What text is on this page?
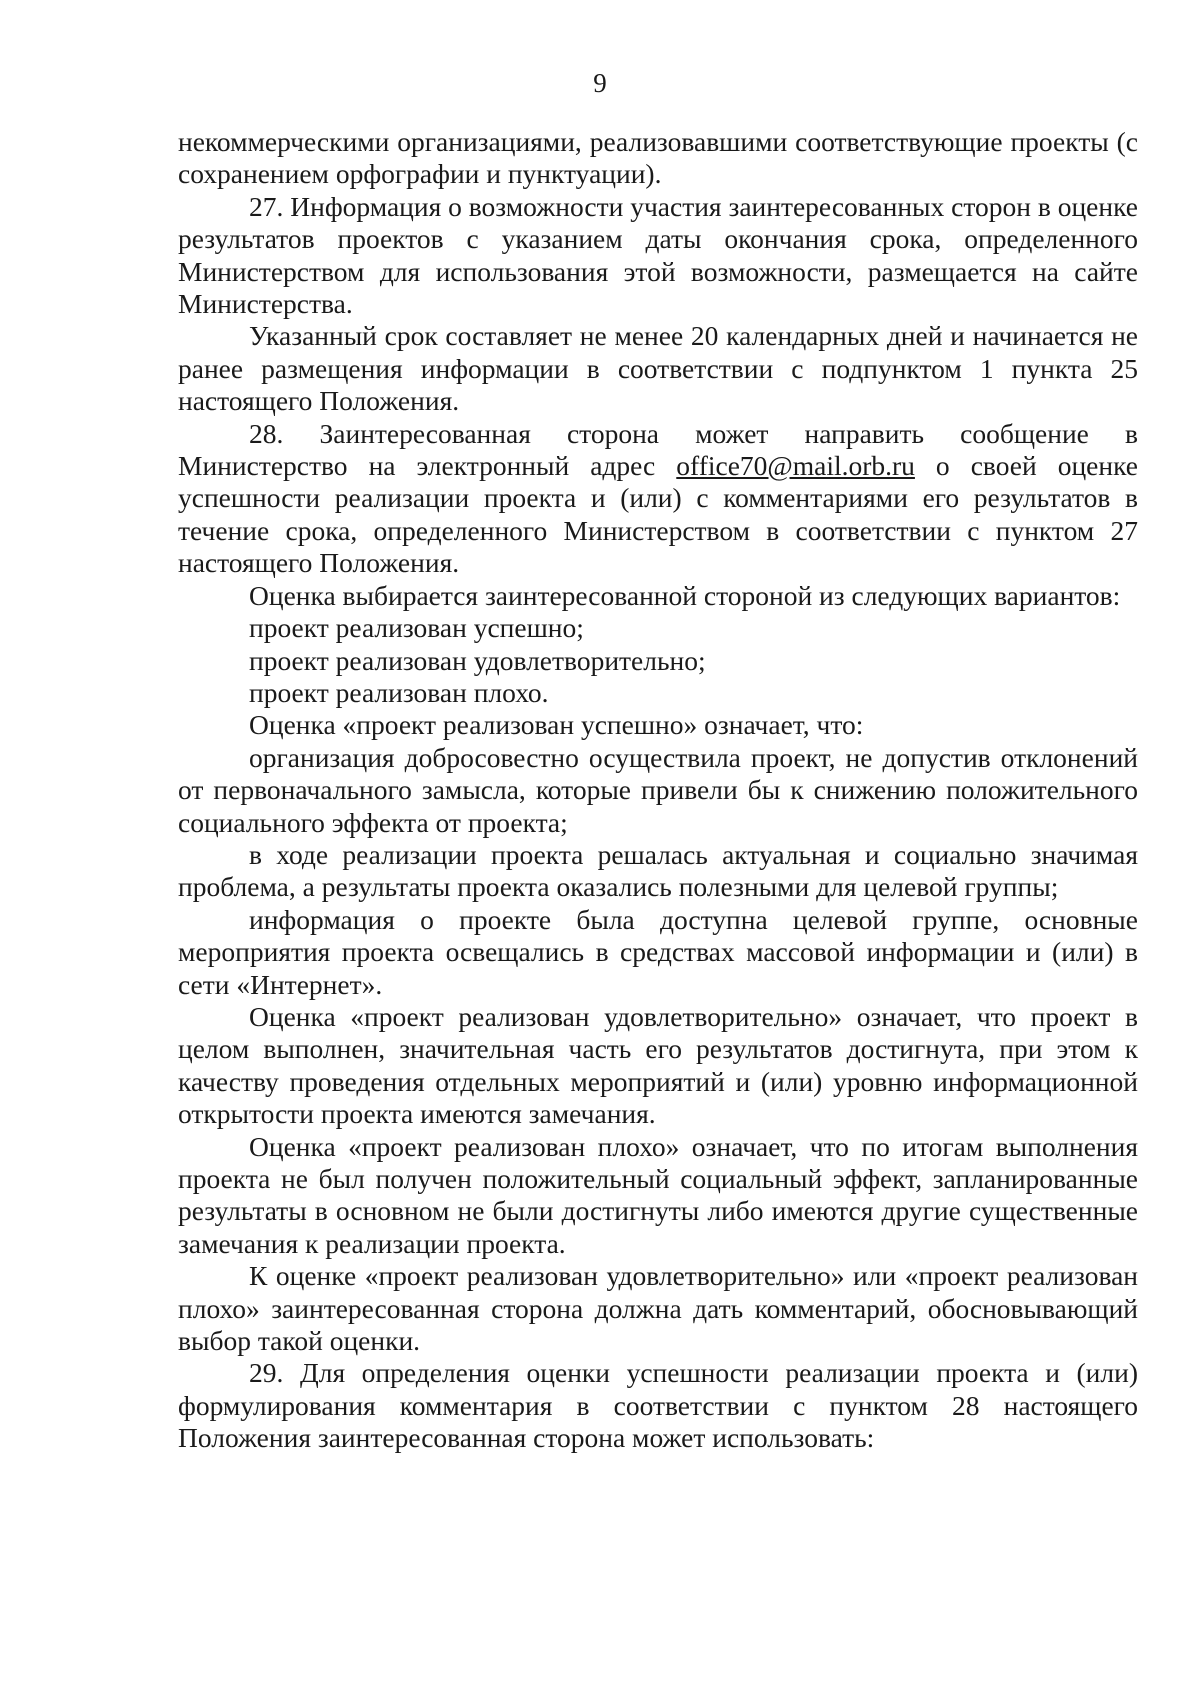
9

некоммерческими организациями, реализовавшими соответствующие проекты (с сохранением орфографии и пунктуации).

27. Информация о возможности участия заинтересованных сторон в оценке результатов проектов с указанием даты окончания срока, определенного Министерством для использования этой возможности, размещается на сайте Министерства.

Указанный срок составляет не менее 20 календарных дней и начинается не ранее размещения информации в соответствии с подпунктом 1 пункта 25 настоящего Положения.

28. Заинтересованная сторона может направить сообщение в Министерство на электронный адрес office70@mail.orb.ru о своей оценке успешности реализации проекта и (или) с комментариями его результатов в течение срока, определенного Министерством в соответствии с пунктом 27 настоящего Положения.

Оценка выбирается заинтересованной стороной из следующих вариантов:

проект реализован успешно;

проект реализован удовлетворительно;

проект реализован плохо.

Оценка «проект реализован успешно» означает, что:

организация добросовестно осуществила проект, не допустив отклонений от первоначального замысла, которые привели бы к снижению положительного социального эффекта от проекта;

в ходе реализации проекта решалась актуальная и социально значимая проблема, а результаты проекта оказались полезными для целевой группы;

информация о проекте была доступна целевой группе, основные мероприятия проекта освещались в средствах массовой информации и (или) в сети «Интернет».

Оценка «проект реализован удовлетворительно» означает, что проект в целом выполнен, значительная часть его результатов достигнута, при этом к качеству проведения отдельных мероприятий и (или) уровню информационной открытости проекта имеются замечания.

Оценка «проект реализован плохо» означает, что по итогам выполнения проекта не был получен положительный социальный эффект, запланированные результаты в основном не были достигнуты либо имеются другие существенные замечания к реализации проекта.

К оценке «проект реализован удовлетворительно» или «проект реализован плохо» заинтересованная сторона должна дать комментарий, обосновывающий выбор такой оценки.

29. Для определения оценки успешности реализации проекта и (или) формулирования комментария в соответствии с пунктом 28 настоящего Положения заинтересованная сторона может использовать:
